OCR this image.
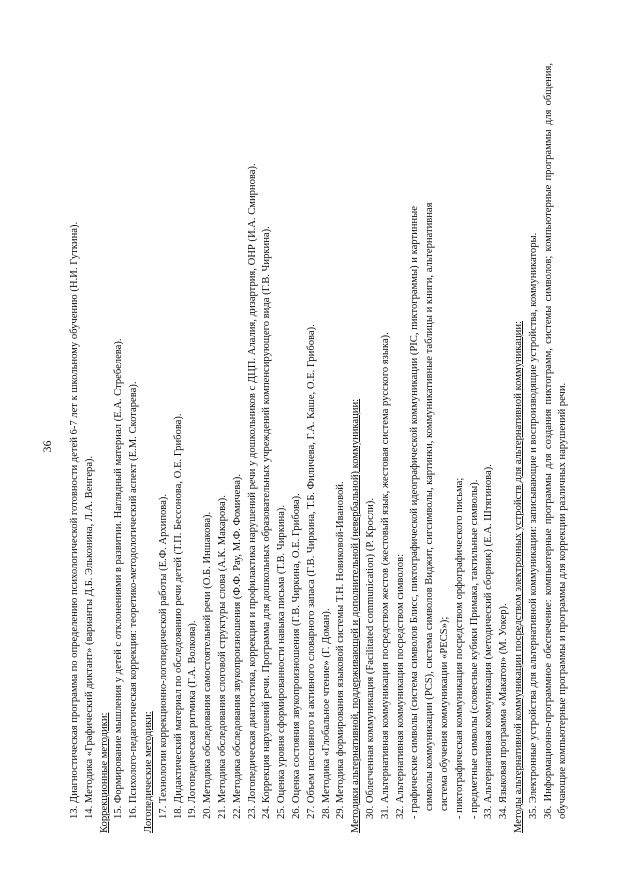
36 13. Диагностическая программа по определению психологической готовности детей 6-7 лет к школьному обучению (Н.И. Гуткина). 14. Методика «Графический диктант» (варианты Д.Б. Эльконина, Л.А. Венгера). Коррекционные методики: 15. Формирование мышления у детей с отклонениями в развитии. Наглядный материал (Е.А. Стребелева). 16. Психолого-педагогическая коррекция: теоретико-методологический аспект (Е.М. Скотарева). Логопедические методики: 17. Технологии коррекционно-логопедической работы (Е.Ф. Архипова). 18. Дидактический материал по обследованию речи детей (Т.П. Бессонова, О.Е. Грибова). 19. Логопедическая ритмика (Г.А. Волкова). 20. Методика обследования самостоятельной речи (О.Б. Иншакова). 21. Методика обследования слоговой структуры слова (А.К. Макарова). 22. Методика обследования звукопроизношения (Ф.Ф. Рау, М.Ф. Фомичева). 23. Логопедическая диагностика, коррекция и профилактика нарушений речи у дошкольников с ДЦП. Алалия, дизартрия, ОНР (И.А. Смирнова). 24. Коррекция нарушений речи. Программа для дошкольных образовательных учреждений компенсирующего вида (Г.В. Чиркина). 25. Оценка уровня сформированности навыка письма (Т.В. Чиркина). 26. Оценка состояния звукопроизношения (Г.В. Чиркина, О.Е. Грибова). 27. Объем пассивного и активного словарного запаса (Г.В. Чиркина, Т.Б. Филичева, Г.А. Каше, О.Е. Грибова). 28. Методика «Глобальное чтение» (Г. Доман). 29. Методика формирования языковой системы Т.Н. Новиковой-Ивановой. Методики альтернативной, поддерживающей и дополнительной (невербальной) коммуникации: 30. Облегченная коммуникация (Facilitated communication) (Р. Кросли). 31. Альтернативная коммуникация посредством жестов (жестовый язык, жестовая система русского языка). 32. Альтернативная коммуникация посредством символов: - графические символы (система символов Блисс, пиктографической идеографической коммуникации (PIC, пиктограммы) и картинные символы коммуникации (PCS), система символов Виджит, сигсимволы, картинки, коммуникативные таблицы и книги, альтернативная система обучения коммуникации «PECS»); - пиктографическая коммуникация посредством орфографического письма; - предметные символы (словесные кубики Примака, тактильные символы). 33. Альтернативная коммуникация (методический сборник) (Е.А. Штягинова). 34. Языковая программа «Макатон» (М. Уокер). Методы альтернативной коммуникации посредством электронных устройств для альтернативной коммуникации: 35. Электронные устройства для альтернативной коммуникации: записывающие и воспроизводящие устройства, коммуникаторы. 36. Информационно-программное обеспечение: компьютерные программы для создания пиктограмм, системы символов; компьютерные программы для общения, обучающие компьютерные программы и программы для коррекции различных нарушений речи.
